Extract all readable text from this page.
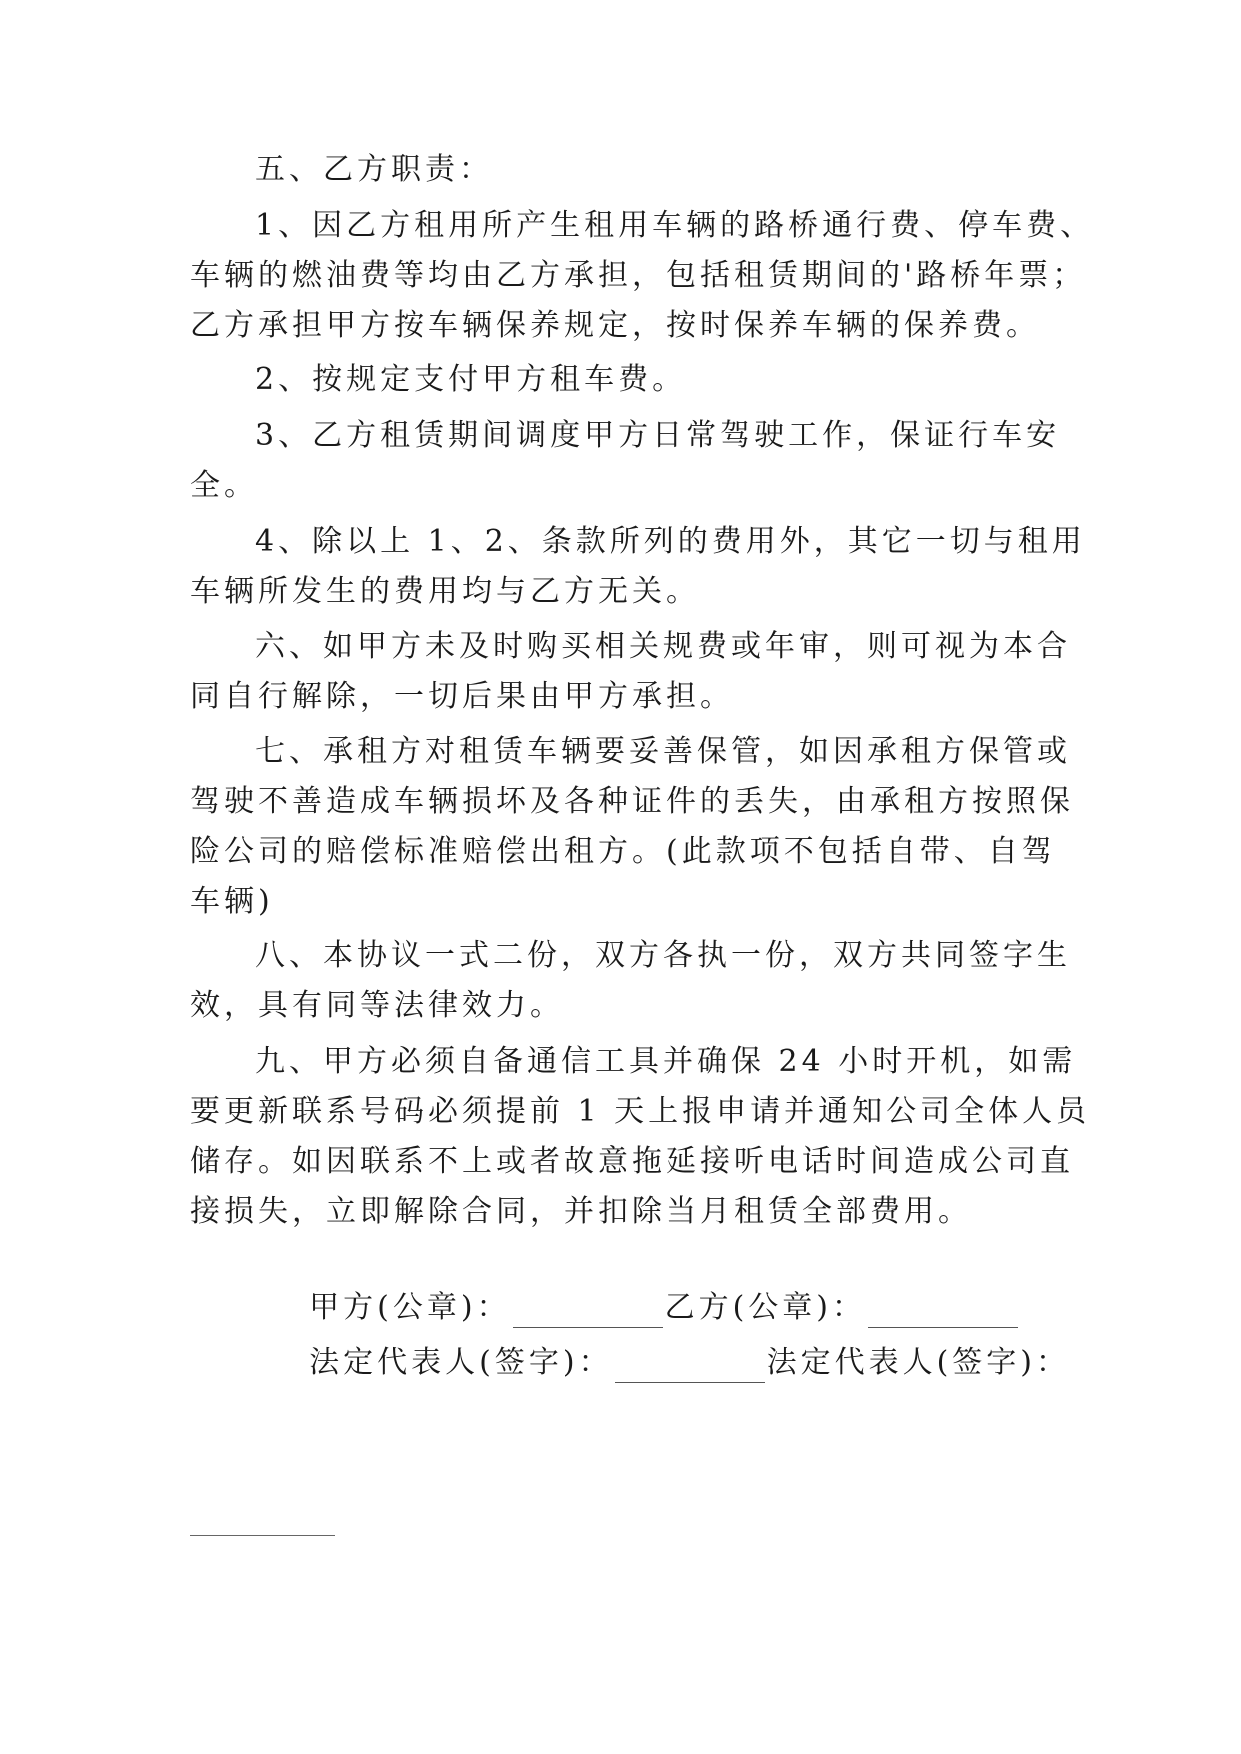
五、乙方职责：
1、因乙方租用所产生租用车辆的路桥通行费、停车费、
车辆的燃油费等均由乙方承担，包括租赁期间的'路桥年票；
乙方承担甲方按车辆保养规定，按时保养车辆的保养费。
2、按规定支付甲方租车费。
3、乙方租赁期间调度甲方日常驾驶工作，保证行车安
全。
4、除以上 1、2、条款所列的费用外，其它一切与租用
车辆所发生的费用均与乙方无关。
六、如甲方未及时购买相关规费或年审，则可视为本合
同自行解除，一切后果由甲方承担。
七、承租方对租赁车辆要妥善保管，如因承租方保管或
驾驶不善造成车辆损坏及各种证件的丢失，由承租方按照保
险公司的赔偿标准赔偿出租方。(此款项不包括自带、自驾
车辆)
八、本协议一式二份，双方各执一份，双方共同签字生
效，具有同等法律效力。
九、甲方必须自备通信工具并确保 24 小时开机，如需
要更新联系号码必须提前 1 天上报申请并通知公司全体人员
储存。如因联系不上或者故意拖延接听电话时间造成公司直
接损失，立即解除合同，并扣除当月租赁全部费用。

甲方(公章)：	乙方(公章)：

法定代表人(签字)：	法定代表人(签字)：
